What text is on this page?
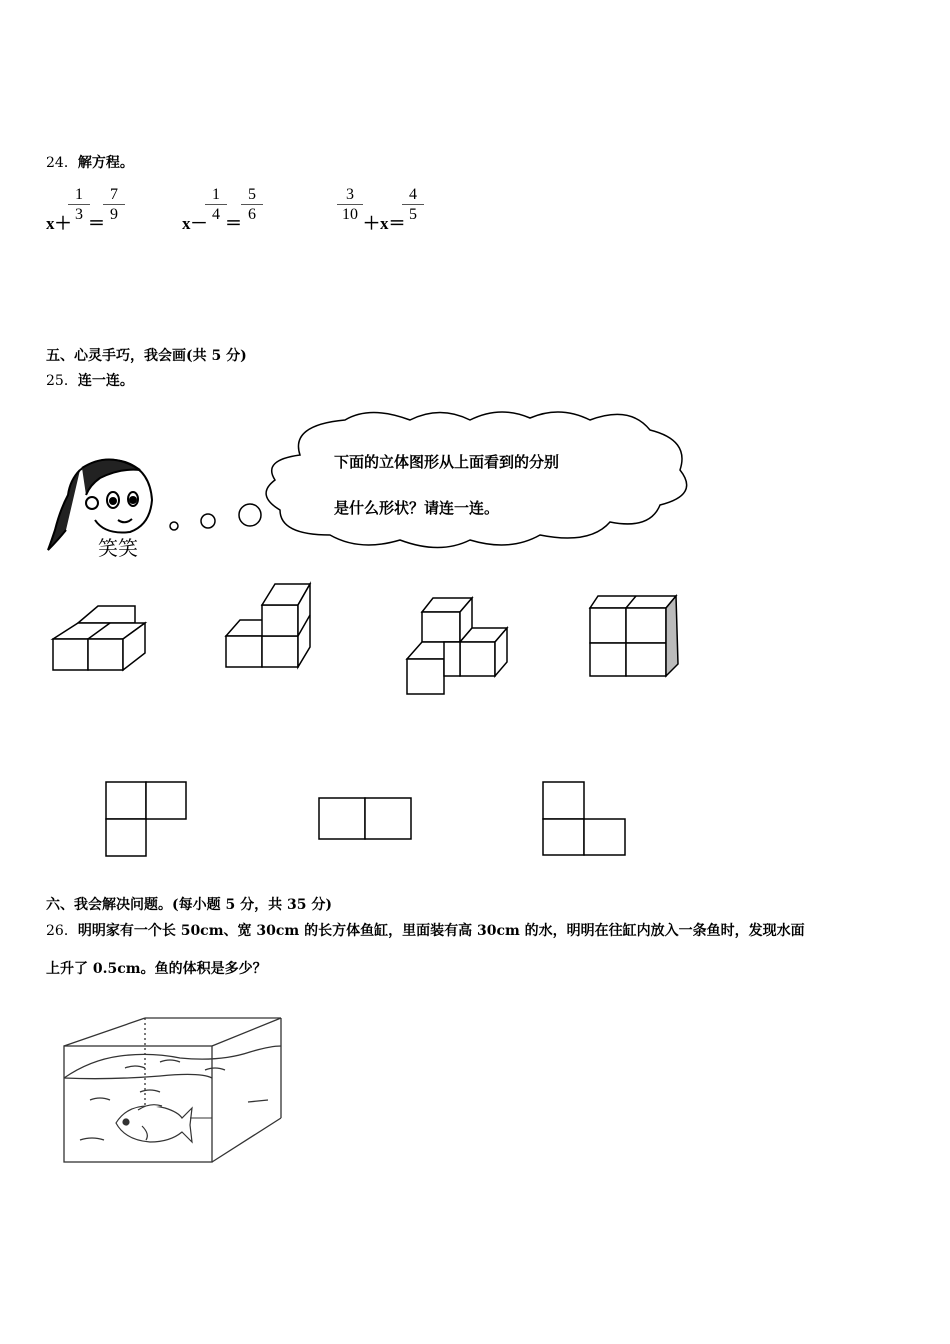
24．解方程。
x＋
$\frac{1}{3}$
＝
$\frac{7}{9}$
x－
$\frac{1}{4}$
＝
$\frac{5}{6}$	$\frac{3}{10}$
＋x＝
$\frac{4}{5}$
五、心灵手巧，我会画(共 5 分)
25．连一连。
笑笑
下面的立体图形从上面看到的分别
是什么形状？请连一连。
六、我会解决问题。(每小题 5 分，共 35 分)
26．明明家有一个长 50cm、宽 30cm 的长方体鱼缸，里面装有高 30cm 的水，明明在往缸内放入一条鱼时，发现水面
上升了 0.5cm。鱼的体积是多少？
